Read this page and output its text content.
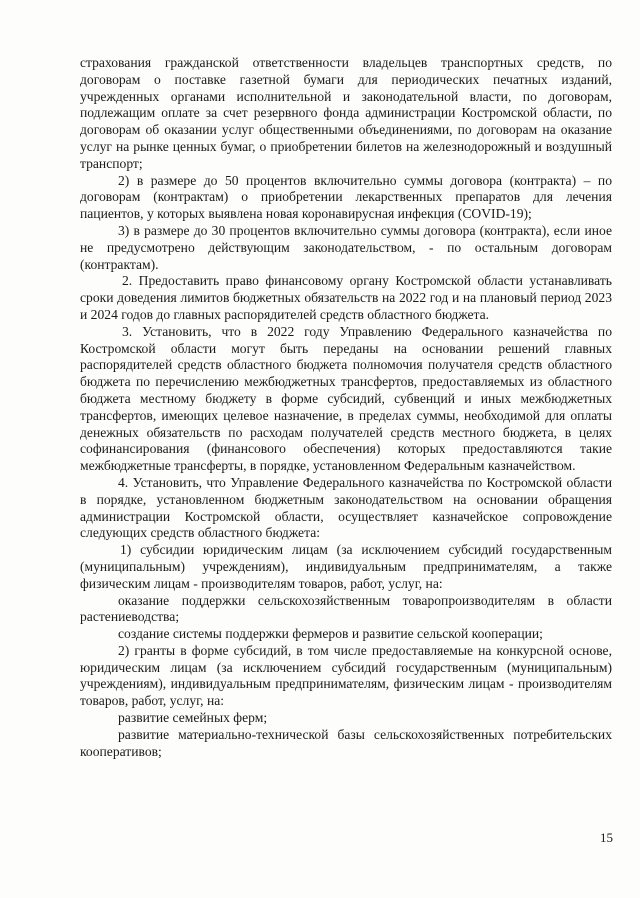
страхования гражданской ответственности владельцев транспортных средств, по договорам о поставке газетной бумаги для периодических печатных изданий, учрежденных органами исполнительной и законодательной власти, по договорам, подлежащим оплате за счет резервного фонда администрации Костромской области, по договорам об оказании услуг общественными объединениями, по договорам на оказание услуг на рынке ценных бумаг, о приобретении билетов на железнодорожный и воздушный транспорт;

2) в размере до 50 процентов включительно суммы договора (контракта) – по договорам (контрактам) о приобретении лекарственных препаратов для лечения пациентов, у которых выявлена новая коронавирусная инфекция (COVID-19);

3) в размере до 30 процентов включительно суммы договора (контракта), если иное не предусмотрено действующим законодательством, - по остальным договорам (контрактам).

2. Предоставить право финансовому органу Костромской области устанавливать сроки доведения лимитов бюджетных обязательств на 2022 год и на плановый период 2023 и 2024 годов до главных распорядителей средств областного бюджета.

3. Установить, что в 2022 году Управлению Федерального казначейства по Костромской области могут быть переданы на основании решений главных распорядителей средств областного бюджета полномочия получателя средств областного бюджета по перечислению межбюджетных трансфертов, предоставляемых из областного бюджета местному бюджету в форме субсидий, субвенций и иных межбюджетных трансфертов, имеющих целевое назначение, в пределах суммы, необходимой для оплаты денежных обязательств по расходам получателей средств местного бюджета, в целях софинансирования (финансового обеспечения) которых предоставляются такие межбюджетные трансферты, в порядке, установленном Федеральным казначейством.

4. Установить, что Управление Федерального казначейства по Костромской области в порядке, установленном бюджетным законодательством на основании обращения администрации Костромской области, осуществляет казначейское сопровождение следующих средств областного бюджета:

1) субсидии юридическим лицам (за исключением субсидий государственным (муниципальным) учреждениям), индивидуальным предпринимателям, а также физическим лицам - производителям товаров, работ, услуг, на:

оказание поддержки сельскохозяйственным товаропроизводителям в области растениеводства;

создание системы поддержки фермеров и развитие сельской кооперации;

2) гранты в форме субсидий, в том числе предоставляемые на конкурсной основе, юридическим лицам (за исключением субсидий государственным (муниципальным) учреждениям), индивидуальным предпринимателям, физическим лицам - производителям товаров, работ, услуг, на:

развитие семейных ферм;

развитие материально-технической базы сельскохозяйственных потребительских кооперативов;

15
